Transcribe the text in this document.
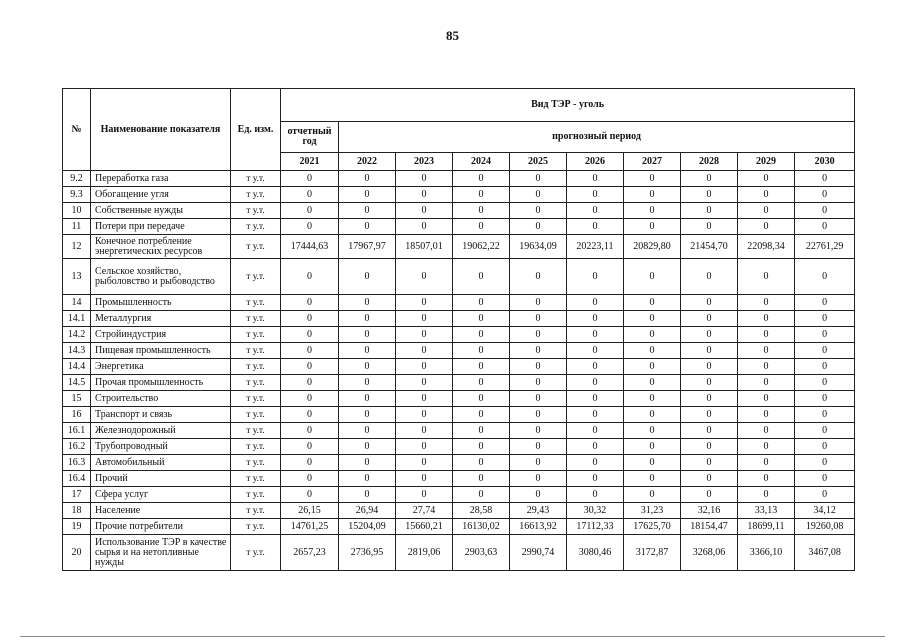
85
№	Наименование показателя	Ед. изм.	Вид ТЭР - уголь									
			отчетный год	прогнозный период								
			2021	2022	2023	2024	2025	2026	2027	2028	2029	2030
9.2	Переработка газа	т у.т.	0	0	0	0	0	0	0	0	0	0
9.3	Обогащение угля	т у.т.	0	0	0	0	0	0	0	0	0	0
10	Собственные нужды	т у.т.	0	0	0	0	0	0	0	0	0	0
11	Потери при передаче	т у.т.	0	0	0	0	0	0	0	0	0	0
12	Конечное потребление энергетических ресурсов	т у.т.	17444,63	17967,97	18507,01	19062,22	19634,09	20223,11	20829,80	21454,70	22098,34	22761,29
13	Сельское хозяйство, рыболовство и рыбоводство	т у.т.	0	0	0	0	0	0	0	0	0	0
14	Промышленность	т у.т.	0	0	0	0	0	0	0	0	0	0
14.1	Металлургия	т у.т.	0	0	0	0	0	0	0	0	0	0
14.2	Стройиндустрия	т у.т.	0	0	0	0	0	0	0	0	0	0
14.3	Пищевая промышленность	т у.т.	0	0	0	0	0	0	0	0	0	0
14.4	Энергетика	т у.т.	0	0	0	0	0	0	0	0	0	0
14.5	Прочая промышленность	т у.т.	0	0	0	0	0	0	0	0	0	0
15	Строительство	т у.т.	0	0	0	0	0	0	0	0	0	0
16	Транспорт и связь	т у.т.	0	0	0	0	0	0	0	0	0	0
16.1	Железнодорожный	т у.т.	0	0	0	0	0	0	0	0	0	0
16.2	Трубопроводный	т у.т.	0	0	0	0	0	0	0	0	0	0
16.3	Автомобильный	т у.т.	0	0	0	0	0	0	0	0	0	0
16.4	Прочий	т у.т.	0	0	0	0	0	0	0	0	0	0
17	Сфера услуг	т у.т.	0	0	0	0	0	0	0	0	0	0
18	Население	т у.т.	26,15	26,94	27,74	28,58	29,43	30,32	31,23	32,16	33,13	34,12
19	Прочие потребители	т у.т.	14761,25	15204,09	15660,21	16130,02	16613,92	17112,33	17625,70	18154,47	18699,11	19260,08
20	Использование ТЭР в качестве сырья и на нетопливные нужды	т у.т.	2657,23	2736,95	2819,06	2903,63	2990,74	3080,46	3172,87	3268,06	3366,10	3467,08
